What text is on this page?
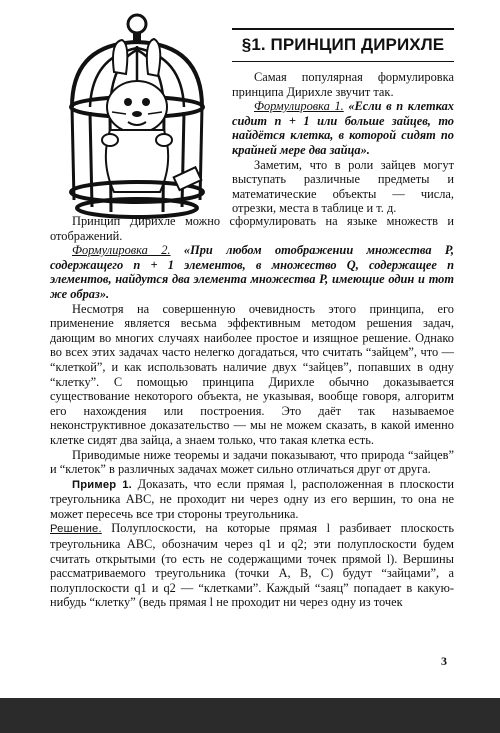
§1. ПРИНЦИП ДИРИХЛЕ

Самая популярная формулировка принципа Дирихле звучит так.

Формулировка 1. «Если в n клетках сидит n + 1 или больше зайцев, то найдётся клетка, в которой сидят по крайней мере два зайца».

Заметим, что в роли зайцев могут выступать различные предметы и математические объекты — числа, отрезки, места в таблице и т. д.

Принцип Дирихле можно сформулировать на языке множеств и отображений.

Формулировка 2. «При любом отображении множества P, содержащего n + 1 элементов, в множество Q, содержащее n элементов, найдутся два элемента множества P, имеющие один и тот же образ».

Несмотря на совершенную очевидность этого принципа, его применение является весьма эффективным методом решения задач, дающим во многих случаях наиболее простое и изящное решение. Однако во всех этих задачах часто нелегко догадаться, что считать “зайцем”, что — “клеткой”, и как использовать наличие двух “зайцев”, попавших в одну “клетку”. С помощью принципа Дирихле обычно доказывается существование некоторого объекта, не указывая, вообще говоря, алгоритм его нахождения или построения. Это даёт так называемое неконструктивное доказательство — мы не можем сказать, в какой именно клетке сидят два зайца, а знаем только, что такая клетка есть.

Приводимые ниже теоремы и задачи показывают, что природа “зайцев” и “клеток” в различных задачах может сильно отличаться друг от друга.

Пример 1. Доказать, что если прямая l, расположенная в плоскости треугольника ABC, не проходит ни через одну из его вершин, то она не может пересечь все три стороны треугольника.

Решение. Полуплоскости, на которые прямая l разбивает плоскость треугольника ABC, обозначим через q1 и q2; эти полуплоскости будем считать открытыми (то есть не содержащими точек прямой l). Вершины рассматриваемого треугольника (точки A, B, C) будут “зайцами”, а полуплоскости q1 и q2 — “клетками”. Каждый “заяц” попадает в какую-нибудь “клетку” (ведь прямая l не проходит ни через одну из точек

3
